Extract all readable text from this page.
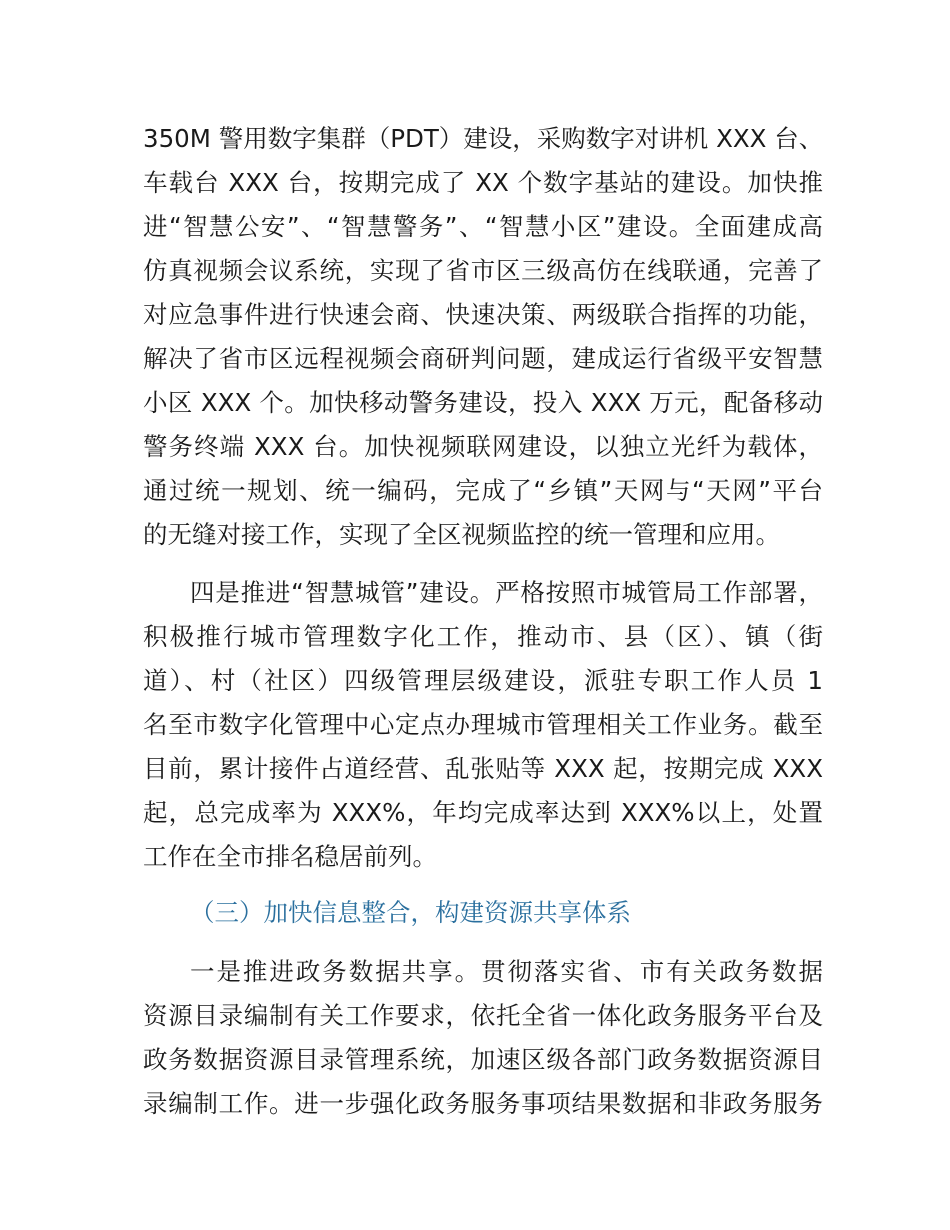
350M 警用数字集群（PDT）建设，采购数字对讲机 XXX 台、
车载台 XXX 台，按期完成了 XX 个数字基站的建设。加快推
进“智慧公安”、“智慧警务”、“智慧小区”建设。全面建成高
仿真视频会议系统，实现了省市区三级高仿在线联通，完善了
对应急事件进行快速会商、快速决策、两级联合指挥的功能，
解决了省市区远程视频会商研判问题，建成运行省级平安智慧
小区 XXX 个。加快移动警务建设，投入 XXX 万元，配备移动
警务终端 XXX 台。加快视频联网建设，以独立光纤为载体，
通过统一规划、统一编码，完成了“乡镇”天网与“天网”平台
的无缝对接工作，实现了全区视频监控的统一管理和应用。
四是推进“智慧城管”建设。严格按照市城管局工作部署，
积极推行城市管理数字化工作，推动市、县（区）、镇（街
道）、村（社区）四级管理层级建设，派驻专职工作人员 1
名至市数字化管理中心定点办理城市管理相关工作业务。截至
目前，累计接件占道经营、乱张贴等 XXX 起，按期完成 XXX
起，总完成率为 XXX%，年均完成率达到 XXX%以上，处置
工作在全市排名稳居前列。
（三）加快信息整合，构建资源共享体系
一是推进政务数据共享。贯彻落实省、市有关政务数据
资源目录编制有关工作要求，依托全省一体化政务服务平台及
政务数据资源目录管理系统，加速区级各部门政务数据资源目
录编制工作。进一步强化政务服务事项结果数据和非政务服务
